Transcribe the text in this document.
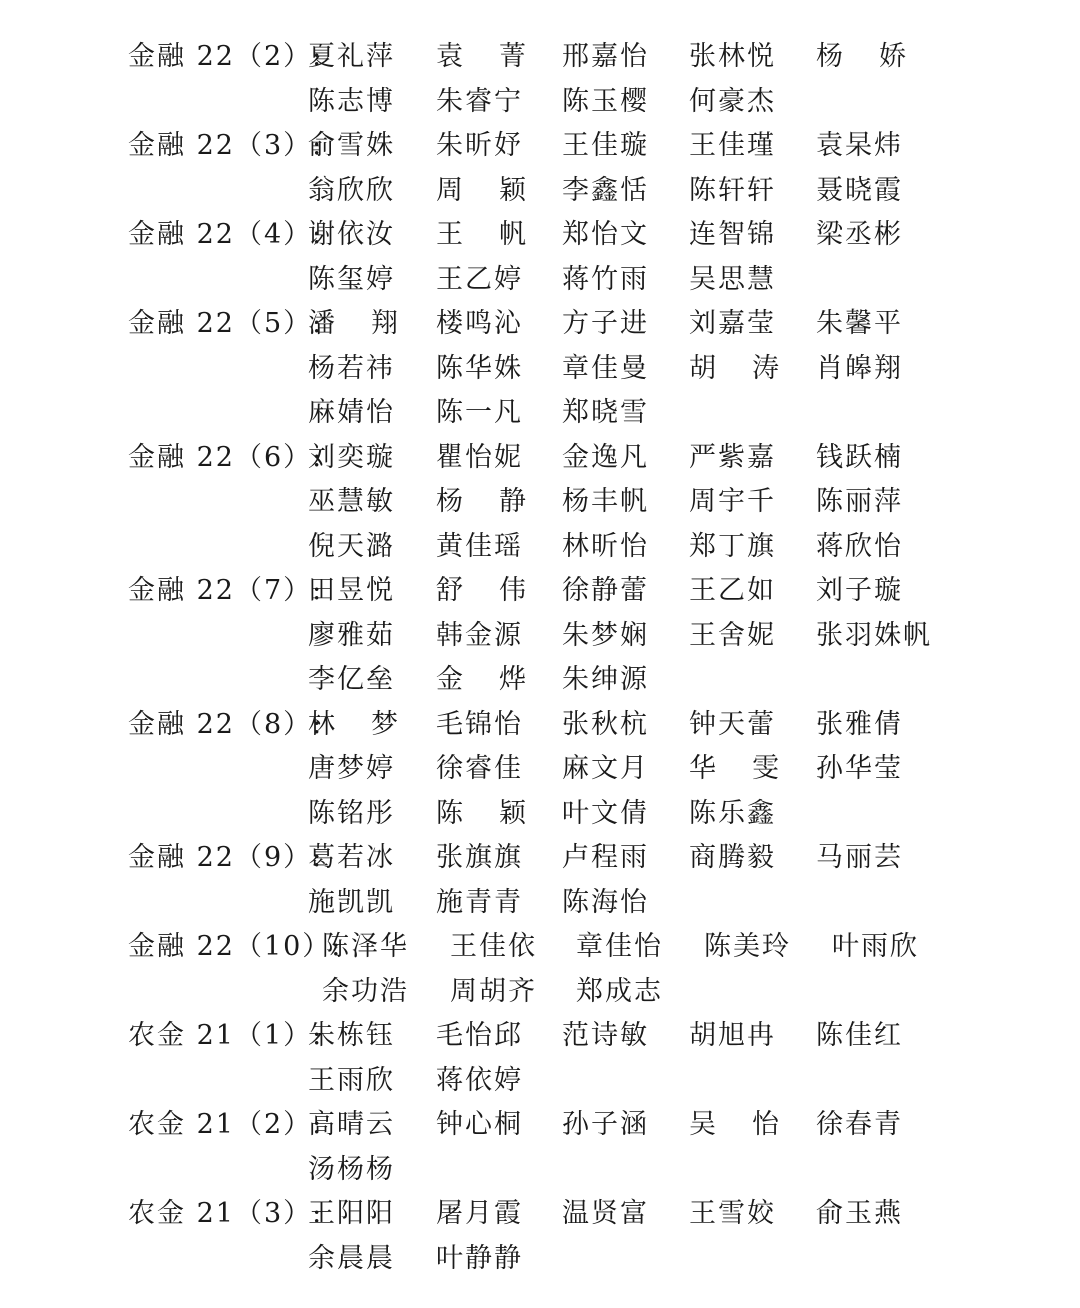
金融 22（2）:
夏礼萍 袁菁 邢嘉怡 张林悦 杨娇
陈志博 朱睿宁 陈玉樱 何豪杰
金融 22（3）:
俞雪姝 朱昕妤 王佳璇 王佳瑾 袁杲炜
翁欣欣 周颖 李鑫恬 陈轩轩 聂晓霞
金融 22（4）:
谢依汝 王帆 郑怡文 连智锦 梁丞彬
陈玺婷 王乙婷 蒋竹雨 吴思慧
金融 22（5）:
潘翔 楼鸣沁 方子进 刘嘉莹 朱馨平
杨若祎 陈华姝 章佳曼 胡涛 肖皞翔
麻婧怡 陈一凡 郑晓雪
金融 22（6）:
刘奕璇 瞿怡妮 金逸凡 严紫嘉 钱跃楠
巫慧敏 杨静 杨丰帆 周宇千 陈丽萍
倪天潞 黄佳瑶 林昕怡 郑丁旗 蒋欣怡
金融 22（7）:
田昱悦 舒伟 徐静蕾 王乙如 刘子璇
廖雅茹 韩金源 朱梦娴 王舍妮 张羽姝帆
李亿垒 金烨 朱绅源
金融 22（8）:
林梦 毛锦怡 张秋杭 钟天蕾 张雅倩
唐梦婷 徐睿佳 麻文月 华雯 孙华莹
陈铭彤 陈颖 叶文倩 陈乐鑫
金融 22（9）:
葛若冰 张旗旗 卢程雨 商腾毅 马丽芸
施凯凯 施青青 陈海怡
金融 22（10）:
陈泽华 王佳依 章佳怡 陈美玲 叶雨欣
余功浩 周胡齐 郑成志
农金 21（1）:
朱栋钰 毛怡邱 范诗敏 胡旭冉 陈佳红
王雨欣 蒋依婷
农金 21（2）:
高晴云 钟心桐 孙子涵 吴怡 徐春青
汤杨杨
农金 21（3）:
王阳阳 屠月霞 温贤富 王雪姣 俞玉燕
余晨晨 叶静静
